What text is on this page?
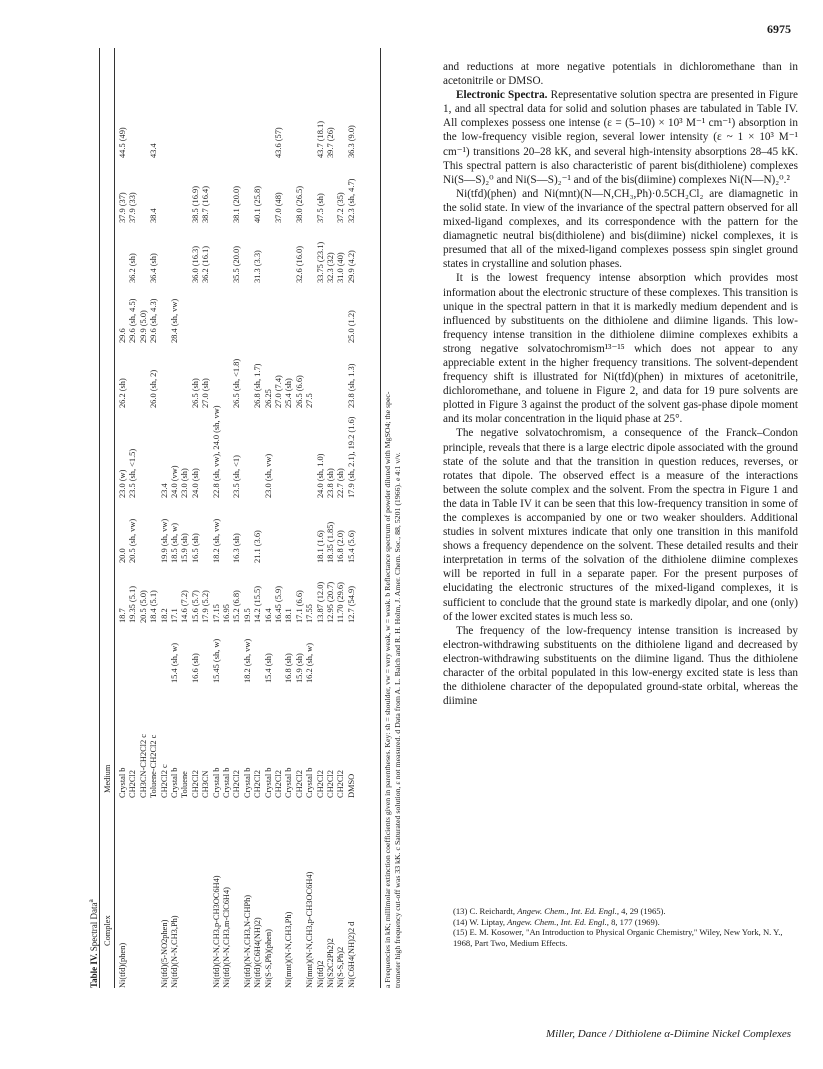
6975
Table IV. Spectral Data$^a$
Complex
Medium
Ni(tfd)(phen)
Crystal b
18.7
20.0
23.0 (w)
26.2 (sh)
29.6
37.9 (37)
44.5 (49)
CH2Cl2
19.35 (5.1)
20.5 (sh, vw)
23.5 (sh, <1.5)
29.6 (sh, 4.5)
36.2 (sh)
37.9 (33)
CH3CN-CH2Cl2 c
20.5 (5.0)
29.9 (5.0)
Toluene-CH2Cl2 c
18.4 (5.1)
26.0 (sh, 2)
29.6 (sh, 4.3)
36.4 (sh)
38.4
43.4
Ni(tfd)(5-NO2phen)
CH2Cl2 c
18.2
19.9 (sh, vw)
23.4
Ni(tfd)(N-N,CH3,Ph)
Crystal b
15.4 (sh, w)
17.1
18.5 (sh, w)
24.0 (vw)
28.4 (sh, vw)
Toluene
14.6 (7.2)
15.9 (sh)
23.0 (sh)
CH2Cl2
16.6 (sh)
15.6 (5.7)
16.5 (sh)
24.0 (sh)
26.5 (sh)
36.0 (16.3)
38.5 (16.9)
CH3CN
17.9 (5.2)
27.0 (sh)
36.2 (16.1)
38.7 (16.4)
Ni(tfd)(N-N,CH3,p-CH3OC6H4)
Crystal b
15.45 (sh, w)
17.15
18.2 (sh, vw)
22.8 (sh, vw), 24.0 (sh, vw)
Ni(tfd)(N-N,CH3,m-ClC6H4)
Crystal b
16.95
CH2Cl2
15.2 (6.8)
16.3 (sh)
23.5 (sh, <1)
26.5 (sh, <1.8)
35.5 (20.0)
38.1 (20.0)
Ni(tfd)(N-N,CH3,N-CHPh)
Crystal b
18.2 (sh, vw)
19.5
Ni(tfd)(C6H4(NH)2)
CH2Cl2
14.2 (15.5)
21.1 (3.6)
26.8 (sh, 1.7)
31.3 (3.3)
40.1 (25.8)
Ni(S-S,Ph)(phen)
Crystal b
15.4 (sh)
16.4
23.0 (sh, vw)
26.25
CH2Cl2
16.45 (5.9)
27.0 (7.4)
37.0 (48)
43.6 (57)
Ni(mnt)(N-N,CH3,Ph)
Crystal b
16.8 (sh)
18.1
25.4 (sh)
CH2Cl2
15.9 (sh)
17.1 (6.6)
26.5 (6.6)
32.6 (16.0)
38.0 (26.5)
Ni(mnt)(N-N,CH3,p-CH3OC6H4)
Crystal b
16.2 (sh, w)
17.55
27.5
Ni(tfd)2
CH2Cl2
13.87 (12.0)
18.1 (1.6)
24.0 (sh, 1.0)
33.75 (23.1)
37.5 (sh)
43.7 (18.1)
Ni(S2C2Ph2)2
CH2Cl2
12.95 (20.7)
18.35 (1.85)
23.8 (sh)
32.3 (32)
39.7 (26)
Ni(S-S,Ph)2
CH2Cl2
11.70 (29.6)
16.8 (2.0)
22.7 (sh)
31.0 (40)
37.2 (35)
Ni(C6H4(NH)2)2 d
DMSO
12.7 (54.9)
15.4 (5.6)
17.9 (sh, 2.1), 19.2 (1.6)
23.8 (sh, 1.3)
25.0 (1.2)
29.9 (4.2)
32.3 (sh, 4.7)
36.3 (9.0)
a Frequencies in kK; millimolar extinction coefficients given in parentheses. Key: sh = shoulder, vw = very weak, w = weak. b Reflectance spectrum of powder diluted with MgSO4; the spec- trometer high frequency cut-off was 33 kK. c Saturated solution, ε not measured. d Data from A. L. Balch and R. H. Holm, J. Amer. Chem. Soc., 88, 5201 (1966). e 4:1 v/v.

and reductions at more negative potentials in dichloromethane than in acetonitrile or DMSO.

Electronic Spectra. Representative solution spectra are presented in Figure 1, and all spectral data for solid and solution phases are tabulated in Table IV. All complexes possess one intense (ε = (5–10) × 10³ M⁻¹ cm⁻¹) absorption in the low-frequency visible region, several lower intensity (ε ~ 1 × 10³ M⁻¹ cm⁻¹) transitions 20–28 kK, and several high-intensity absorptions 28–45 kK. This spectral pattern is also characteristic of parent bis(dithiolene) complexes Ni(S—S)₂⁰ and Ni(S—S)₂⁻¹ and of the bis(diimine) complexes Ni(N—N)₂⁰.²

Ni(tfd)(phen) and Ni(mnt)(N—N,CH₃,Ph)·0.5CH₂Cl₂ are diamagnetic in the solid state. In view of the invariance of the spectral pattern observed for all mixed-ligand complexes, and its correspondence with the pattern for the diamagnetic neutral bis(dithiolene) and bis(diimine) nickel complexes, it is presumed that all of the mixed-ligand complexes possess spin singlet ground states in crystalline and solution phases.

It is the lowest frequency intense absorption which provides most information about the electronic structure of these complexes. This transition is unique in the spectral pattern in that it is markedly medium dependent and is influenced by substituents on the dithiolene and diimine ligands. This low-frequency intense transition in the dithiolene diimine complexes exhibits a strong negative solvatochromism¹³⁻¹⁵ which does not appear to any appreciable extent in the higher frequency transitions. The solvent-dependent frequency shift is illustrated for Ni(tfd)(phen) in mixtures of acetonitrile, dichloromethane, and toluene in Figure 2, and data for 19 pure solvents are plotted in Figure 3 against the product of the solvent gas-phase dipole moment and its molar concentration in the liquid phase at 25°.

The negative solvatochromism, a consequence of the Franck–Condon principle, reveals that there is a large electric dipole associated with the ground state of the solute and that the transition in question reduces, reverses, or rotates that dipole. The observed effect is a measure of the interactions between the solute complex and the solvent. From the spectra in Figure 1 and the data in Table IV it can be seen that this low-frequency transition in some of the complexes is accompanied by one or two weaker shoulders. Additional studies in solvent mixtures indicate that only one transition in this manifold shows a frequency dependence on the solvent. These detailed results and their interpretation in terms of the solvation of the dithiolene diimine complexes will be reported in full in a separate paper. For the present purposes of elucidating the electronic structures of the mixed-ligand complexes, it is sufficient to conclude that the ground state is markedly dipolar, and one (only) of the lower excited states is much less so.

The frequency of the low-frequency intense transition is increased by electron-withdrawing substituents on the dithiolene ligand and decreased by electron-withdrawing substituents on the diimine ligand. Thus the dithiolene character of the orbital populated in this low-energy excited state is less than the dithiolene character of the depopulated ground-state orbital, whereas the diimine

(13) C. Reichardt, Angew. Chem., Int. Ed. Engl., 4, 29 (1965).

(14) W. Liptay, Angew. Chem., Int. Ed. Engl., 8, 177 (1969).

(15) E. M. Kosower, "An Introduction to Physical Organic Chemistry," Wiley, New York, N. Y., 1968, Part Two, Medium Effects.

Miller, Dance / Dithiolene α-Diimine Nickel Complexes
